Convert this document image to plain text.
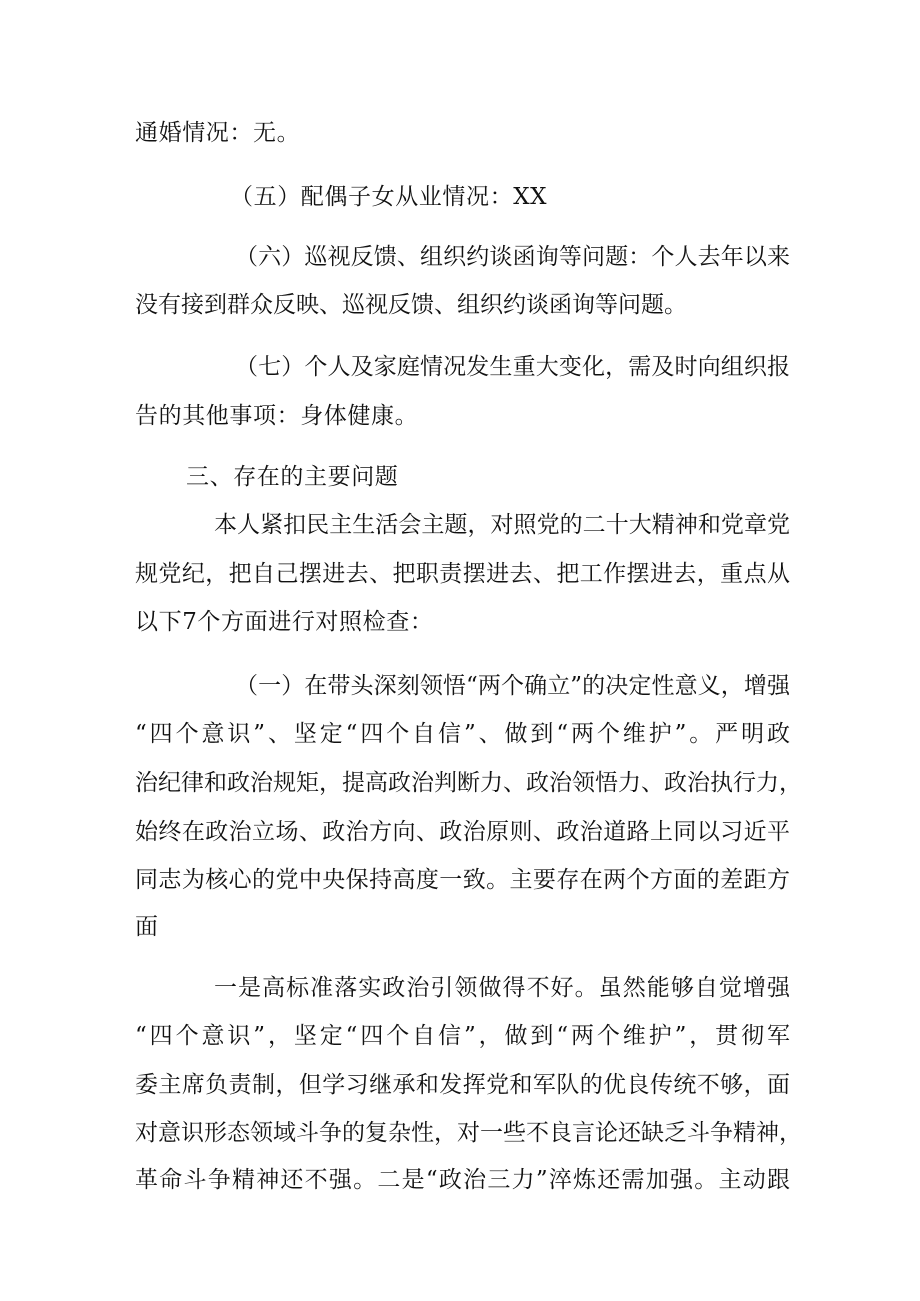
通婚情况：无。
（五）配偶子女从业情况：XX
（六）巡视反馈、组织约谈函询等问题：个人去年以来
没有接到群众反映、巡视反馈、组织约谈函询等问题。
（七）个人及家庭情况发生重大变化，需及时向组织报
告的其他事项：身体健康。
三、存在的主要问题
本人紧扣民主生活会主题，对照党的二十大精神和党章党
规党纪，把自己摆进去、把职责摆进去、把工作摆进去，重点从
以下7个方面进行对照检查：
（一）在带头深刻领悟“两个确立”的决定性意义，增强
“四个意识”、坚定“四个自信”、做到“两个维护”。严明政
治纪律和政治规矩，提高政治判断力、政治领悟力、政治执行力，
始终在政治立场、政治方向、政治原则、政治道路上同以习近平
同志为核心的党中央保持高度一致。主要存在两个方面的差距方
面
一是高标准落实政治引领做得不好。虽然能够自觉增强
“四个意识”，坚定“四个自信”，做到“两个维护”，贯彻军
委主席负责制，但学习继承和发挥党和军队的优良传统不够，面
对意识形态领域斗争的复杂性，对一些不良言论还缺乏斗争精神，
革命斗争精神还不强。二是“政治三力”淬炼还需加强。主动跟
